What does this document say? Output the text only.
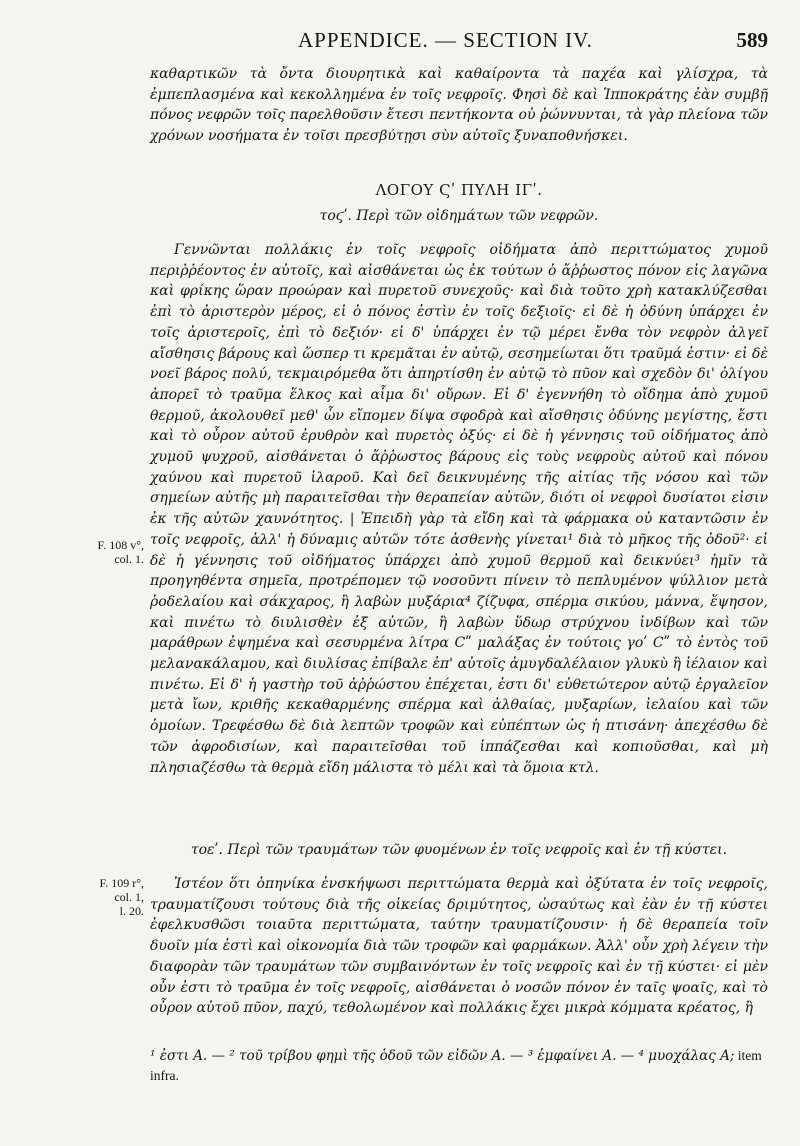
APPENDICE. — SECTION IV.	589

καθαρτικῶν τὰ ὄντα διουρητικὰ καὶ καθαίροντα τὰ παχέα καὶ γλίσχρα, τὰ ἐμπεπλασμένα καὶ κεκολλημένα ἐν τοῖς νεφροῖς. Φησὶ δὲ καὶ Ἱπποκράτης ἐὰν συμβῇ πόνος νεφρῶν τοῖς παρελθοῦσιν ἔτεσι πεντήκοντα οὐ ῥώννυνται, τὰ γὰρ πλείονα τῶν χρόνων νοσήματα ἐν τοῖσι πρεσβύτῃσι σὺν αὐτοῖς ξυναποθνήσκει.

ΛΟΓΟΥ Ϛʹ ΠΥΛΗ ΙΓʹ.
τοϛʹ. Περὶ τῶν οἰδημάτων τῶν νεφρῶν.

Γεννῶνται πολλάκις ἐν τοῖς νεφροῖς οἰδήματα ἀπὸ περιττώματος χυμοῦ περιῤῥέοντος ἐν αὐτοῖς, καὶ αἰσθάνεται ὡς ἐκ τούτων ὁ ἄῤῥωστος πόνον εἰς λαγῶνα καὶ φρίκης ὥραν προώραν καὶ πυρετοῦ συνεχοῦς· καὶ διὰ τοῦτο χρὴ κατακλύζεσθαι ἐπὶ τὸ ἀριστερὸν μέρος, εἰ ὁ πόνος ἐστὶν ἐν τοῖς δεξιοῖς· εἰ δὲ ἡ ὀδύνη ὑπάρχει ἐν τοῖς ἀριστεροῖς, ἐπὶ τὸ δεξιόν· εἰ δ' ὑπάρχει ἐν τῷ μέρει ἔνθα τὸν νεφρὸν ἀλγεῖ αἴσθησις βάρους καὶ ὥσπερ τι κρεμᾶται ἐν αὐτῷ, σεσημείωται ὅτι τραῦμά ἐστιν· εἰ δὲ νοεῖ βάρος πολύ, τεκμαιρόμεθα ὅτι ἀπηρτίσθη ἐν αὐτῷ τὸ πῦον καὶ σχεδὸν δι' ὀλίγου ἀπορεῖ τὸ τραῦμα ἕλκος καὶ αἷμα δι' οὔρων. Εἰ δ' ἐγεννήθη τὸ οἴδημα ἀπὸ χυμοῦ θερμοῦ, ἀκολουθεῖ μεθ' ὧν εἴπομεν δίψα σφοδρὰ καὶ αἴσθησις ὀδύνης μεγίστης, ἔστι καὶ τὸ οὖρον αὐτοῦ ἐρυθρὸν καὶ πυρετὸς ὀξύς· εἰ δὲ ἡ γέννησις τοῦ οἰδήματος ἀπὸ χυμοῦ ψυχροῦ, αἰσθάνεται ὁ ἄῤῥωστος βάρους εἰς τοὺς νεφροὺς αὐτοῦ καὶ πόνου χαύνου καὶ πυρετοῦ ἱλαροῦ. Καὶ δεῖ δεικνυμένης τῆς αἰτίας τῆς νόσου καὶ τῶν σημείων αὐτῆς μὴ παραιτεῖσθαι τὴν θεραπείαν αὐτῶν, διότι οἱ νεφροὶ δυσίατοι εἰσιν ἐκ τῆς αὐτῶν χαυνότητος. | Ἐπειδὴ γὰρ τὰ εἴδη καὶ τὰ φάρμακα οὐ καταντῶσιν ἐν τοῖς νεφροῖς, ἀλλ' ἡ δύναμις αὐτῶν τότε ἀσθενὴς γίνεται¹ διὰ τὸ μῆκος τῆς ὁδοῦ²· εἰ δὲ ἡ γέννησις τοῦ οἰδήματος ὑπάρχει ἀπὸ χυμοῦ θερμοῦ καὶ δεικνύει³ ἡμῖν τὰ προηγηθέντα σημεῖα, προτρέπομεν τῷ νοσοῦντι πίνειν τὸ πεπλυμένον ψύλλιον μετὰ ῥοδελαίου καὶ σάκχαρος, ἢ λαβὼν μυξάρια⁴ ζίζυφα, σπέρμα σικύου, μάννα, ἕψησον, καὶ πινέτω τὸ διυλισθὲν ἐξ αὐτῶν, ἢ λαβὼν ὕδωρ στρύχνου ἰνδίβων καὶ τῶν μαράθρων ἑψημένα καὶ σεσυρμένα λίτρα Cʺ μαλάξας ἐν τούτοις γοʹ Cʺ τὸ ἐντὸς τοῦ μελανακάλαμου, καὶ διυλίσας ἐπίβαλε ἐπ' αὐτοῖς ἀμυγδαλέλαιον γλυκὺ ἢ ἰέλαιον καὶ πινέτω. Εἰ δ' ἡ γαστὴρ τοῦ ἀῤῥώστου ἐπέχεται, ἐστι δι' εὐθετώτερον αὐτῷ ἐργαλεῖον μετὰ ἴων, κριθῆς κεκαθαρμένης σπέρμα καὶ ἀλθαίας, μυξαρίων, ἰελαίου καὶ τῶν ὁμοίων. Τρεφέσθω δὲ διὰ λεπτῶν τροφῶν καὶ εὐπέπτων ὡς ἡ πτισάνη· ἀπεχέσθω δὲ τῶν ἀφροδισίων, καὶ παραιτεῖσθαι τοῦ ἱππάζεσθαι καὶ κοπιοῦσθαι, καὶ μὴ πλησιαζέσθω τὰ θερμὰ εἴδη μάλιστα τὸ μέλι καὶ τὰ ὅμοια κτλ.

F. 108 v°,
col. 1.
τοεʹ. Περὶ τῶν τραυμάτων τῶν φυομένων ἐν τοῖς νεφροῖς καὶ ἐν τῇ κύστει.

Ἰστέον ὅτι ὁπηνίκα ἐνσκήψωσι περιττώματα θερμὰ καὶ ὀξύτατα ἐν τοῖς νεφροῖς, τραυματίζουσι τούτους διὰ τῆς οἰκείας δριμύτητος, ὡσαύτως καὶ ἐὰν ἐν τῇ κύστει ἐφελκυσθῶσι τοιαῦτα περιττώματα, ταύτην τραυματίζουσιν· ἡ δὲ θεραπεία τοῖν δυοῖν μία ἐστὶ καὶ οἰκονομία διὰ τῶν τροφῶν καὶ φαρμάκων. Ἀλλ' οὖν χρὴ λέγειν τὴν διαφορὰν τῶν τραυμάτων τῶν συμβαινόντων ἐν τοῖς νεφροῖς καὶ ἐν τῇ κύστει· εἰ μὲν οὖν ἐστι τὸ τραῦμα ἐν τοῖς νεφροῖς, αἰσθάνεται ὁ νοσῶν πόνον ἐν ταῖς ψοαῖς, καὶ τὸ οὖρον αὐτοῦ πῦον, παχύ, τεθολωμένον καὶ πολλάκις ἔχει μικρὰ κόμματα κρέατος, ἢ

F. 109 r°,
col. 1,
l. 20.
¹ ἐστι A. — ² τοῦ τρίβου φημὶ τῆς ὁδοῦ τῶν εἰδῶν A. — ³ ἐμφαίνει A. — ⁴ μυοχάλας A; item infra.
